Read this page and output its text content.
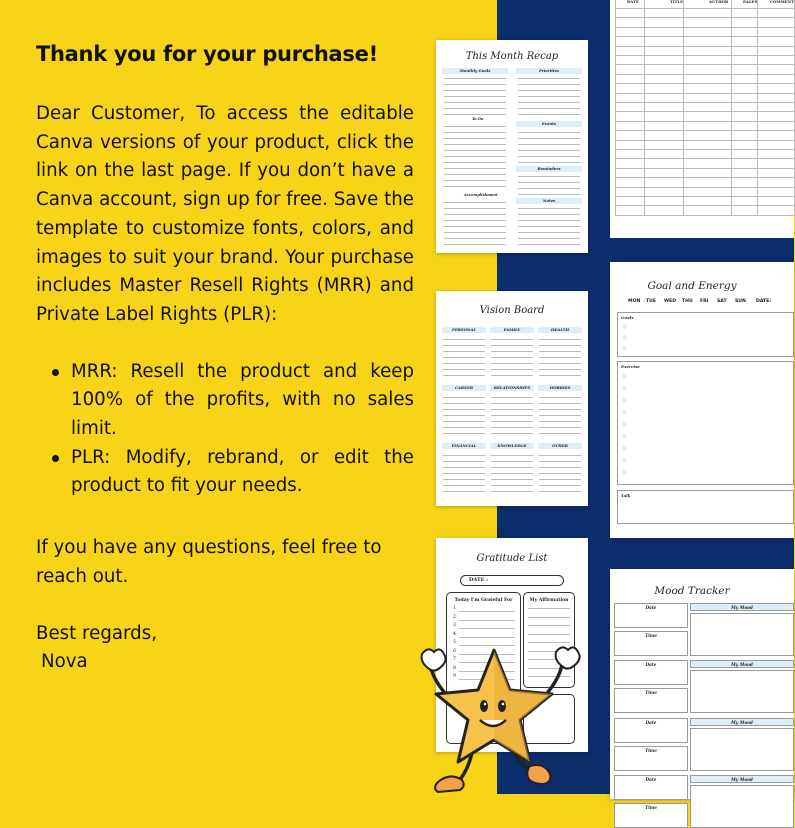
Thank you for your purchase!

Dear Customer, To access the editable Canva versions of your product, click the link on the last page. If you don’t have a Canva account, sign up for free. Save the template to customize fonts, colors, and images to suit your brand. Your purchase includes Master Resell Rights (MRR) and Private Label Rights (PLR):

MRR: Resell the product and keep 100% of the profits, with no sales limit.
PLR: Modify, rebrand, or edit the product to fit your needs.

If you have any questions, feel free to reach out.

Best regards,
Nova
This Month Recap
Monthly Goals	Priorities
To Do
Events
Reminders
Accomplishment
Notes
Vision Board
PERSONAL	FAMILY	HEALTH
CAREER	RELATIONSHIPS	HOBBIES
FINANCIAL	KNOWLEDGE	OTHER
Gratitude List
DATE :
Today I'm Grateful For	My Affirmation
1
2
3
4
5
6
7
8
9
DATE	TITLE	AUTHOR	PAGES	COMMENT
Goal and Energy
MON TUE WED THU FRI SAT SUN DATE:
Goals
Exercise
Talk
Mood Tracker
Date
Time
My Mood
Date
Time
My Mood
Date
Time
My Mood
Date
Time
My Mood
